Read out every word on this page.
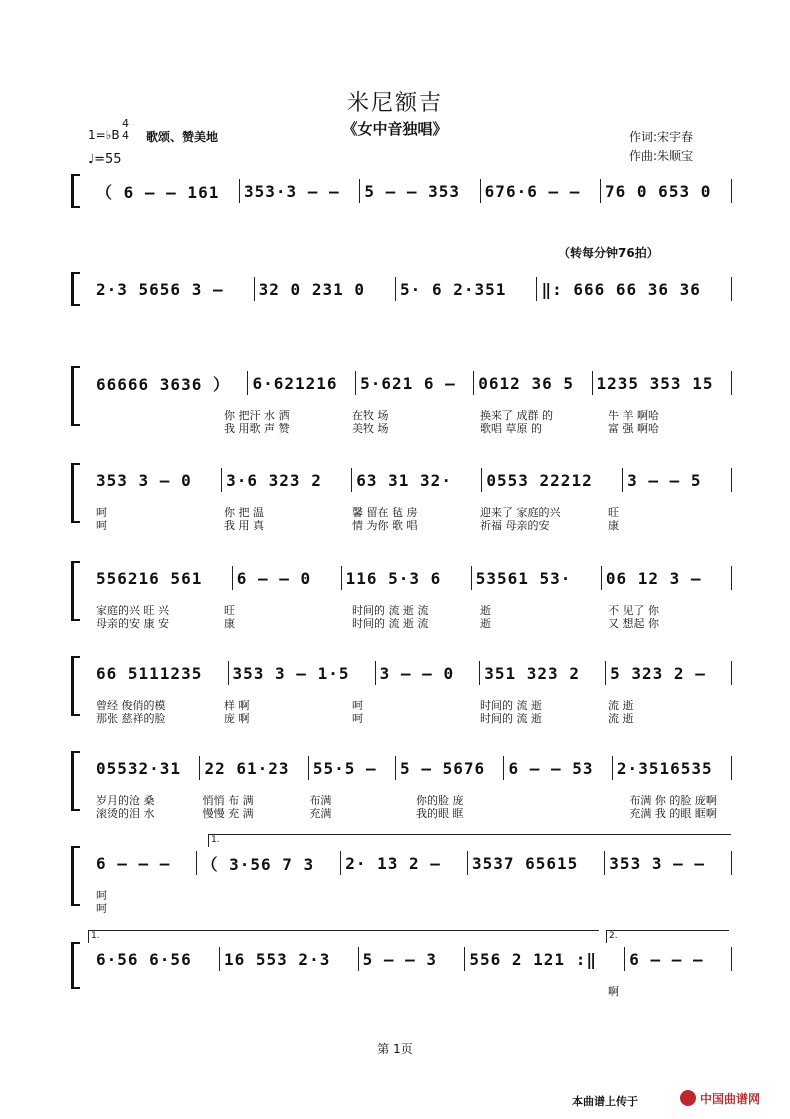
米尼额吉
《女中音独唱》
1=♭B
4
4 歌颂、赞美地
♩=55
作词:宋宇春
作曲:朱顺宝
（转每分钟76拍）
（ 6 – – 161	353·3 – –	5 – – 353	676·6 – –	76 0 653 0
2·3 5656 3 –	32 0 231 0	5· 6 2·351	‖: 666 66 36 36
66666 3636 ）	6·621216	5·621 6 –	0612 36 5	1235 353 15
你 把汗 水 洒	在牧 场	换来了 成群 的	牛 羊 啊哈
我 用歌 声 赞	美牧 场	歌唱 草原 的	富 强 啊哈
353 3 – 0	3·6 323 2	63 31 32·	0553 22212	3 – – 5
呵	你 把 温	馨 留在 毡 房	迎来了 家庭的兴	旺
呵	我 用 真	情 为你 歌 唱	祈福 母亲的安	康
556216 561	6 – – 0	116 5·3 6	53561 53·	06 12 3 –
家庭的兴 旺 兴	旺	时间的 流 逝 流	逝	不 见了 你
母亲的安 康 安	康	时间的 流 逝 流	逝	又 想起 你
66 5111235	353 3 – 1·5	3 – – 0	351 323 2	5 323 2 –
曾经 俊俏的模	样 啊	呵	时间的 流 逝	流 逝
那张 慈祥的脸	庞 啊	呵	时间的 流 逝	流 逝
05532·31	22 61·23	55·5 –	5 – 5676	6 – – 53	2·3516535
岁月的沧 桑	悄悄 布 满	布满	你的脸 庞	布满 你 的脸 庞啊
滚烫的泪 水	慢慢 充 满	充满	我的眼 眶	充满 我 的眼 眶啊
6 – – –	（ 3·56 7 3	2· 13 2 –	3537 65615	353 3 – –
呵
呵
1.
6·56 6·56	16 553 2·3	5 – – 3	556 2 121 :‖	6 – – –
啊
1.	2.
第 1页
本曲谱上传于	中国曲谱网
